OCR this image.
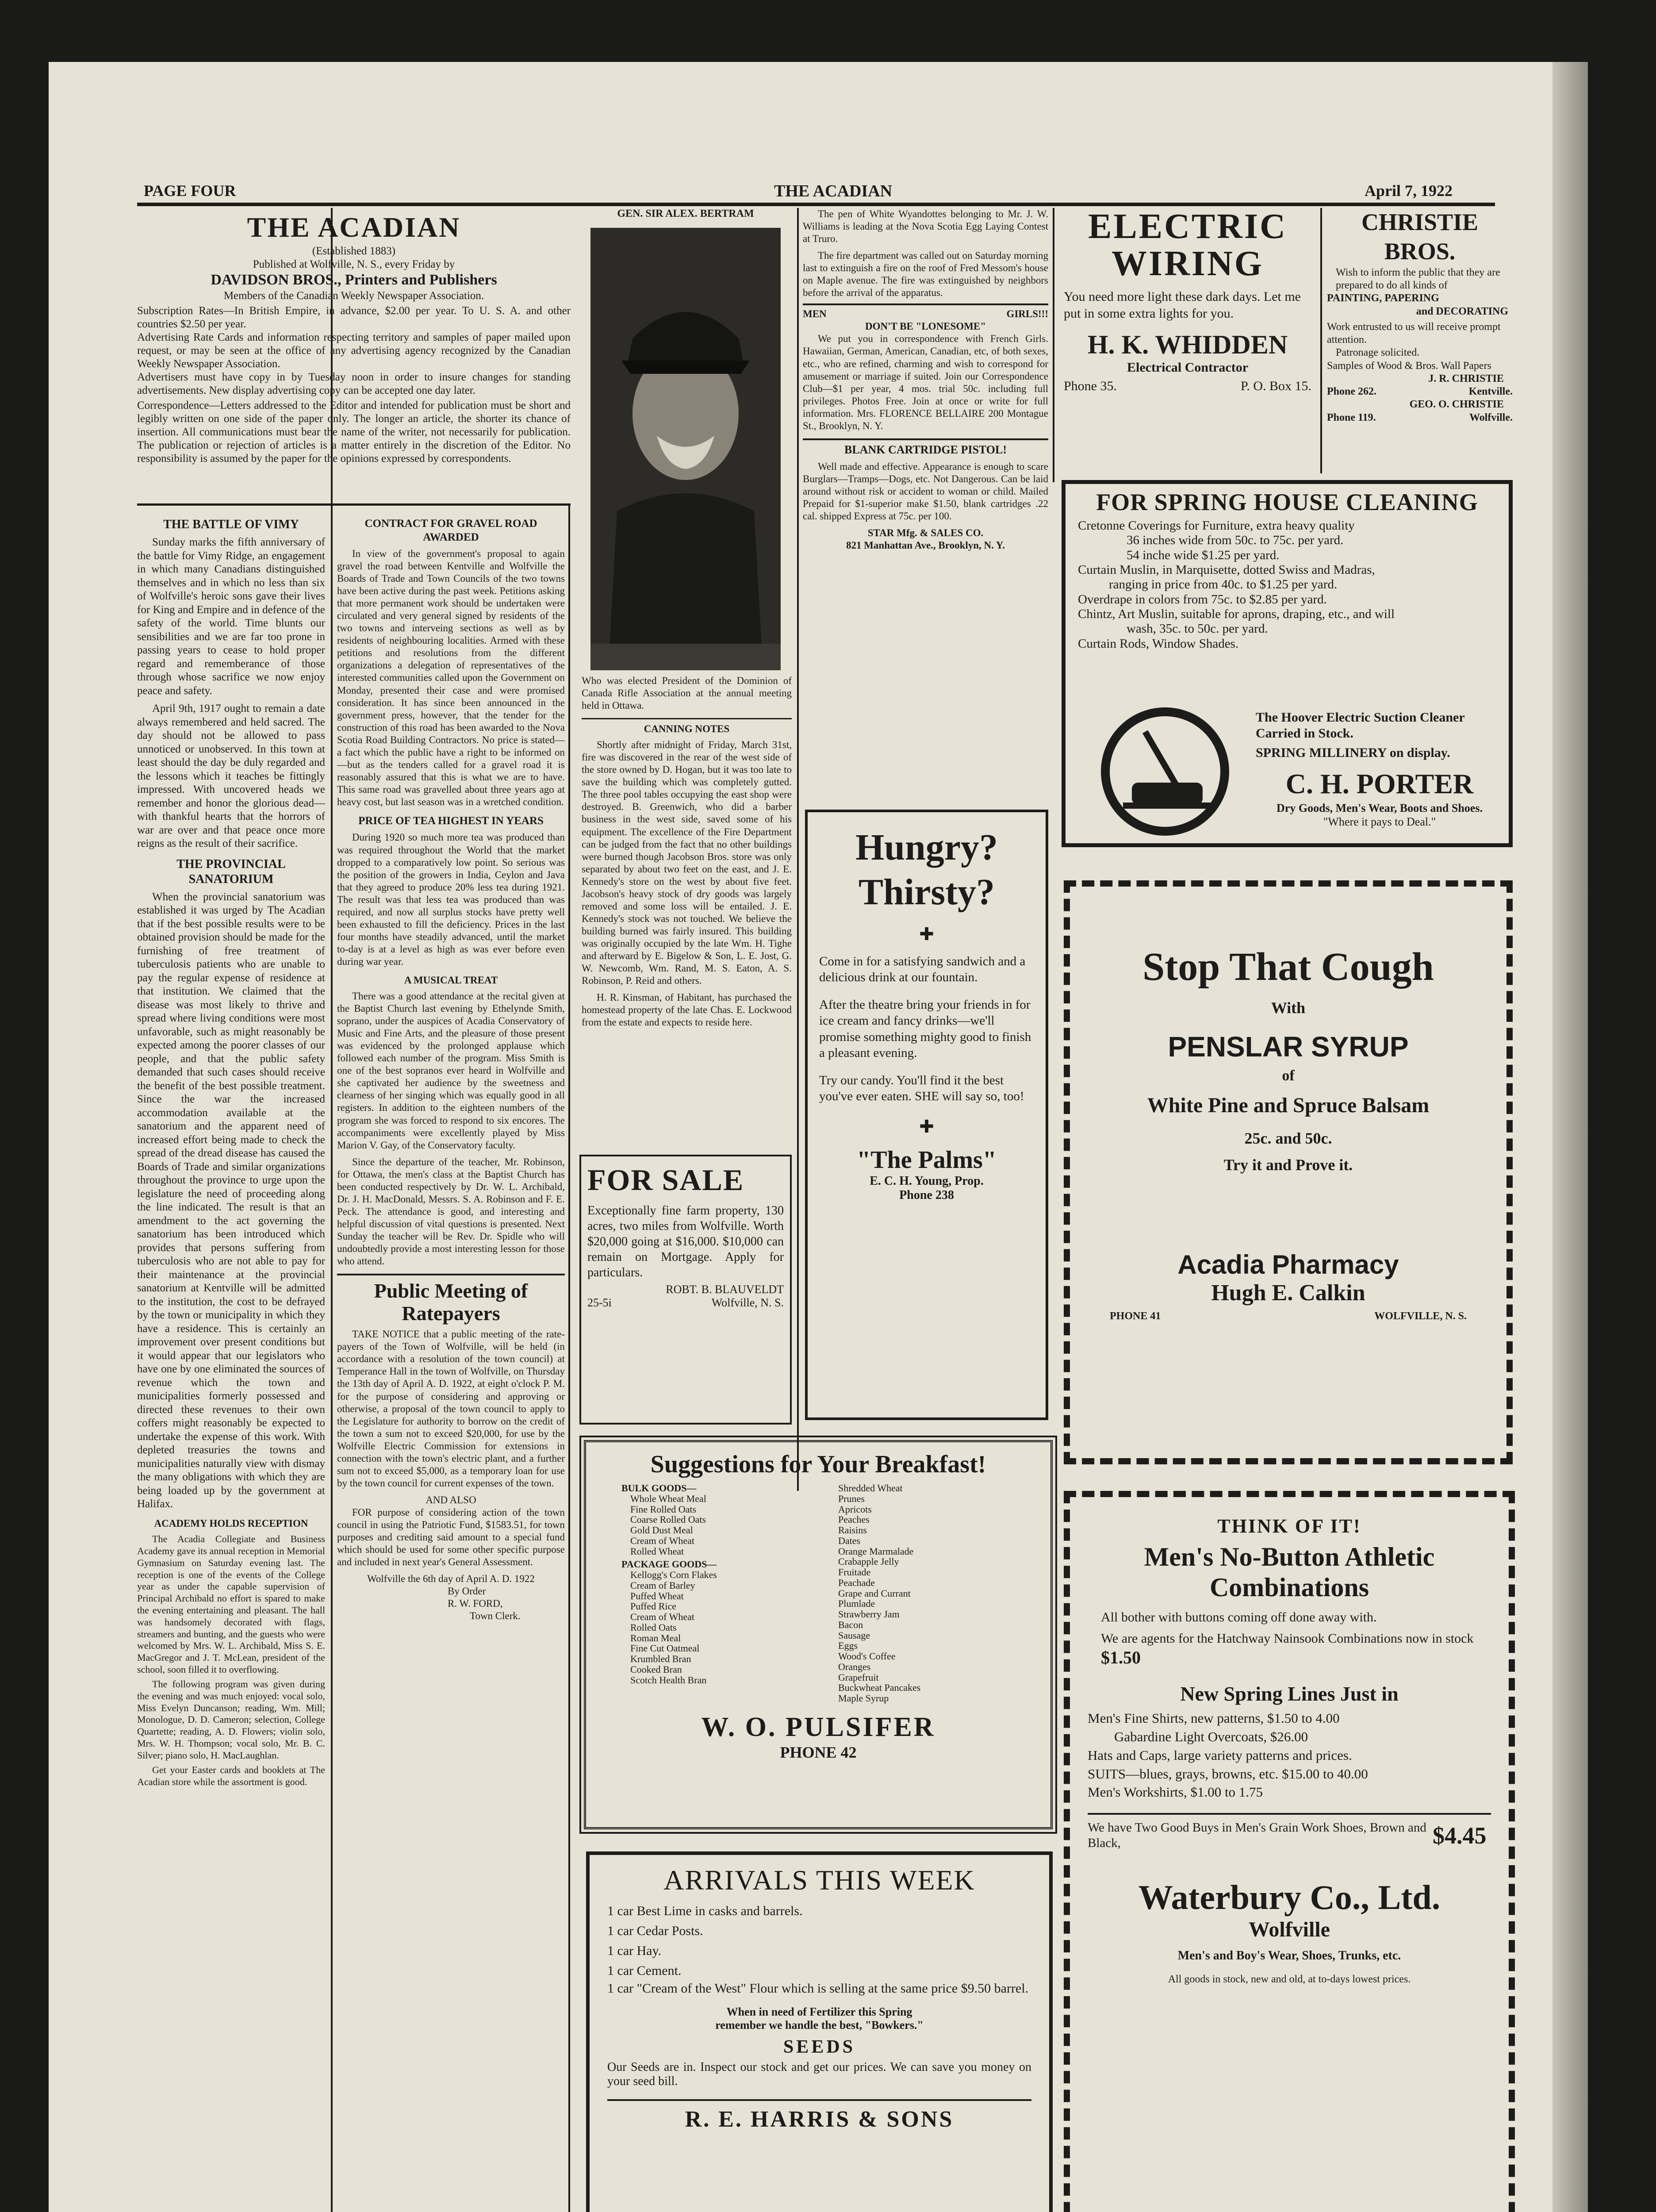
PAGE FOUR	THE ACADIAN	April 7, 1922
THE ACADIAN
(Established 1883)
Published at Wolfville, N. S., every Friday by
DAVIDSON BROS., Printers and Publishers
Members of the Canadian Weekly Newspaper Association.
Subscription Rates—In British Empire, in advance, $2.00 per year. To U. S. A. and other countries $2.50 per year.
Advertising Rate Cards and information respecting territory and samples of paper mailed upon request, or may be seen at the office of any advertising agency recognized by the Canadian Weekly Newspaper Association.
Advertisers must have copy in by Tuesday noon in order to insure changes for standing advertisements. New display advertising copy can be accepted one day later.
Correspondence—Letters addressed to the Editor and intended for publication must be short and legibly written on one side of the paper only. The longer an article, the shorter its chance of insertion. All communications must bear the name of the writer, not necessarily for publication. The publication or rejection of articles is a matter entirely in the discretion of the Editor. No responsibility is assumed by the paper for the opinions expressed by correspondents.
THE BATTLE OF VIMY

Sunday marks the fifth anniversary of the battle for Vimy Ridge, an engagement in which many Canadians distinguished themselves and in which no less than six of Wolfville's heroic sons gave their lives for King and Empire and in defence of the safety of the world. Time blunts our sensibilities and we are far too prone in passing years to cease to hold proper regard and rememberance of those through whose sacrifice we now enjoy peace and safety.

April 9th, 1917 ought to remain a date always remembered and held sacred. The day should not be allowed to pass unnoticed or unobserved. In this town at least should the day be duly regarded and the lessons which it teaches be fittingly impressed. With uncovered heads we remember and honor the glorious dead—with thankful hearts that the horrors of war are over and that peace once more reigns as the result of their sacrifice.

THE PROVINCIAL SANATORIUM

When the provincial sanatorium was established it was urged by The Acadian that if the best possible results were to be obtained provision should be made for the furnishing of free treatment of tuberculosis patients who are unable to pay the regular expense of residence at that institution. We claimed that the disease was most likely to thrive and spread where living conditions were most unfavorable, such as might reasonably be expected among the poorer classes of our people, and that the public safety demanded that such cases should receive the benefit of the best possible treatment. Since the war the increased accommodation available at the sanatorium and the apparent need of increased effort being made to check the spread of the dread disease has caused the Boards of Trade and similar organizations throughout the province to urge upon the legislature the need of proceeding along the line indicated. The result is that an amendment to the act governing the sanatorium has been introduced which provides that persons suffering from tuberculosis who are not able to pay for their maintenance at the provincial sanatorium at Kentville will be admitted to the institution, the cost to be defrayed by the town or municipality in which they have a residence. This is certainly an improvement over present conditions but it would appear that our legislators who have one by one eliminated the sources of revenue which the town and municipalities formerly possessed and directed these revenues to their own coffers might reasonably be expected to undertake the expense of this work. With depleted treasuries the towns and municipalities naturally view with dismay the many obligations with which they are being loaded up by the government at Halifax.

ACADEMY HOLDS RECEPTION

The Acadia Collegiate and Business Academy gave its annual reception in Memorial Gymnasium on Saturday evening last. The reception is one of the events of the College year as under the capable supervision of Principal Archibald no effort is spared to make the evening entertaining and pleasant. The hall was handsomely decorated with flags, streamers and bunting, and the guests who were welcomed by Mrs. W. L. Archibald, Miss S. E. MacGregor and J. T. McLean, president of the school, soon filled it to overflowing.

The following program was given during the evening and was much enjoyed: vocal solo, Miss Evelyn Duncanson; reading, Wm. Mill; Monologue, D. D. Cameron; selection, College Quartette; reading, A. D. Flowers; violin solo, Mrs. W. H. Thompson; vocal solo, Mr. B. C. Silver; piano solo, H. MacLaughlan.

Get your Easter cards and booklets at The Acadian store while the assortment is good.

CONTRACT FOR GRAVEL ROAD AWARDED

In view of the government's proposal to again gravel the road between Kentville and Wolfville the Boards of Trade and Town Councils of the two towns have been active during the past week. Petitions asking that more permanent work should be undertaken were circulated and very general signed by residents of the two towns and interveing sections as well as by residents of neighbouring localities. Armed with these petitions and resolutions from the different organizations a delegation of representatives of the interested communities called upon the Government on Monday, presented their case and were promised consideration. It has since been announced in the government press, however, that the tender for the construction of this road has been awarded to the Nova Scotia Road Building Contractors. No price is stated—a fact which the public have a right to be informed on—but as the tenders called for a gravel road it is reasonably assured that this is what we are to have. This same road was gravelled about three years ago at heavy cost, but last season was in a wretched condition.

PRICE OF TEA HIGHEST IN YEARS

During 1920 so much more tea was produced than was required throughout the World that the market dropped to a comparatively low point. So serious was the position of the growers in India, Ceylon and Java that they agreed to produce 20% less tea during 1921. The result was that less tea was produced than was required, and now all surplus stocks have pretty well been exhausted to fill the deficiency. Prices in the last four months have steadily advanced, until the market to-day is at a level as high as was ever before even during war year.

A MUSICAL TREAT

There was a good attendance at the recital given at the Baptist Church last evening by Ethelynde Smith, soprano, under the auspices of Acadia Conservatory of Music and Fine Arts, and the pleasure of those present was evidenced by the prolonged applause which followed each number of the program. Miss Smith is one of the best sopranos ever heard in Wolfville and she captivated her audience by the sweetness and clearness of her singing which was equally good in all registers. In addition to the eighteen numbers of the program she was forced to respond to six encores. The accompaniments were excellently played by Miss Marion V. Gay, of the Conservatory faculty.

Since the departure of the teacher, Mr. Robinson, for Ottawa, the men's class at the Baptist Church has been conducted respectively by Dr. W. L. Archibald, Dr. J. H. MacDonald, Messrs. S. A. Robinson and F. E. Peck. The attendance is good, and interesting and helpful discussion of vital questions is presented. Next Sunday the teacher will be Rev. Dr. Spidle who will undoubtedly provide a most interesting lesson for those who attend.

Public Meeting of Ratepayers

TAKE NOTICE that a public meeting of the rate-payers of the Town of Wolfville, will be held (in accordance with a resolution of the town council) at Temperance Hall in the town of Wolfville, on Thursday the 13th day of April A. D. 1922, at eight o'clock P. M. for the purpose of considering and approving or otherwise, a proposal of the town council to apply to the Legislature for authority to borrow on the credit of the town a sum not to exceed $20,000, for use by the Wolfville Electric Commission for extensions in connection with the town's electric plant, and a further sum not to exceed $5,000, as a temporary loan for use by the town council for current expenses of the town.

AND ALSO

FOR purpose of considering action of the town council in using the Patriotic Fund, $1583.51, for town purposes and crediting said amount to a special fund which should be used for some other specific purpose and included in next year's General Assessment.

Wolfville the 6th day of April A. D. 1922
By Order
R. W. FORD,
Town Clerk.
GEN. SIR ALEX. BERTRAM

Who was elected President of the Dominion of Canada Rifle Association at the annual meeting held in Ottawa.

CANNING NOTES

Shortly after midnight of Friday, March 31st, fire was discovered in the rear of the west side of the store owned by D. Hogan, but it was too late to save the building which was completely gutted. The three pool tables occupying the east shop were destroyed. B. Greenwich, who did a barber business in the west side, saved some of his equipment. The excellence of the Fire Department can be judged from the fact that no other buildings were burned though Jacobson Bros. store was only separated by about two feet on the east, and J. E. Kennedy's store on the west by about five feet. Jacobson's heavy stock of dry goods was largely removed and some loss will be entailed. J. E. Kennedy's stock was not touched. We believe the building burned was fairly insured. This building was originally occupied by the late Wm. H. Tighe and afterward by E. Bigelow & Son, L. E. Jost, G. W. Newcomb, Wm. Rand, M. S. Eaton, A. S. Robinson, P. Reid and others.

H. R. Kinsman, of Habitant, has purchased the homestead property of the late Chas. E. Lockwood from the estate and expects to reside here.

The pen of White Wyandottes belonging to Mr. J. W. Williams is leading at the Nova Scotia Egg Laying Contest at Truro.

The fire department was called out on Saturday morning last to extinguish a fire on the roof of Fred Messom's house on Maple avenue. The fire was extinguished by neighbors before the arrival of the apparatus.

MEN	GIRLS!!!
DON'T BE "LONESOME"

We put you in correspondence with French Girls. Hawaiian, German, American, Canadian, etc, of both sexes, etc., who are refined, charming and wish to correspond for amusement or marriage if suited. Join our Correspondence Club—$1 per year, 4 mos. trial 50c. including full privileges. Photos Free. Join at once or write for full information. Mrs. FLORENCE BELLAIRE 200 Montague St., Brooklyn, N. Y.

BLANK CARTRIDGE PISTOL!

Well made and effective. Appearance is enough to scare Burglars—Tramps—Dogs, etc. Not Dangerous. Can be laid around without risk or accident to woman or child. Mailed Prepaid for $1-superior make $1.50, blank cartridges .22 cal. shipped Express at 75c. per 100.

STAR Mfg. & SALES CO.
821 Manhattan Ave., Brooklyn, N. Y.
FOR SALE
Exceptionally fine farm property, 130 acres, two miles from Wolfville. Worth $20,000 going at $16,000. $10,000 can remain on Mortgage. Apply for particulars.
ROBT. B. BLAUVELDT
25-5i	Wolfville, N. S.
Hungry?
Thirsty?
✚
Come in for a satisfying sandwich and a delicious drink at our fountain.
After the theatre bring your friends in for ice cream and fancy drinks—we'll promise something mighty good to finish a pleasant evening.
Try our candy. You'll find it the best you've ever eaten. SHE will say so, too!
✚
"The Palms"
E. C. H. Young, Prop.
Phone 238
Suggestions for Your Breakfast!
BULK GOODS—
Whole Wheat Meal
Fine Rolled Oats
Coarse Rolled Oats
Gold Dust Meal
Cream of Wheat
Rolled Wheat
PACKAGE GOODS—
Kellogg's Corn Flakes
Cream of Barley
Puffed Wheat
Puffed Rice
Cream of Wheat
Rolled Oats
Roman Meal
Fine Cut Oatmeal
Krumbled Bran
Cooked Bran
Scotch Health Bran
Shredded Wheat
Prunes
Apricots
Peaches
Raisins
Dates
Orange Marmalade
Crabapple Jelly
Fruitade
Peachade
Grape and Currant
Plumlade
Strawberry Jam
Bacon
Sausage
Eggs
Wood's Coffee
Oranges
Grapefruit
Buckwheat Pancakes
Maple Syrup
W. O. PULSIFER
PHONE 42
ARRIVALS THIS WEEK
1 car Best Lime in casks and barrels.
1 car Cedar Posts.
1 car Hay.
1 car Cement.
1 car "Cream of the West" Flour which is selling at the same price $9.50 barrel.
When in need of Fertilizer this Spring
remember we handle the best, "Bowkers."
SEEDS
Our Seeds are in. Inspect our stock and get our prices. We can save you money on your seed bill.
R. E. HARRIS & SONS
ELECTRIC
WIRING
You need more light these dark days. Let me put in some extra lights for you.
H. K. WHIDDEN
Electrical Contractor
Phone 35.	P. O. Box 15.
CHRISTIE BROS.
Wish to inform the public that they are prepared to do all kinds of
PAINTING, PAPERING
and DECORATING
Work entrusted to us will receive prompt attention.
Patronage solicited.
Samples of Wood & Bros. Wall Papers
J. R. CHRISTIE
Phone 262.	Kentville.
GEO. O. CHRISTIE
Phone 119.	Wolfville.
FOR SPRING HOUSE CLEANING
Cretonne Coverings for Furniture, extra heavy quality
36 inches wide from 50c. to 75c. per yard.
54 inche wide $1.25 per yard.
Curtain Muslin, in Marquisette, dotted Swiss and Madras,
ranging in price from 40c. to $1.25 per yard.
Overdrape in colors from 75c. to $2.85 per yard.
Chintz, Art Muslin, suitable for aprons, draping, etc., and will
wash, 35c. to 50c. per yard.
Curtain Rods, Window Shades.
The Hoover Electric Suction Cleaner Carried in Stock.
SPRING MILLINERY on display.
C. H. PORTER
Dry Goods, Men's Wear, Boots and Shoes.
"Where it pays to Deal."
Stop That Cough
With
PENSLAR SYRUP
of
White Pine and Spruce Balsam
25c. and 50c.
Try it and Prove it.
Acadia Pharmacy
Hugh E. Calkin
PHONE 41	WOLFVILLE, N. S.
THINK OF IT!
Men's No-Button Athletic
Combinations
All bother with buttons coming off done away with.
We are agents for the Hatchway Nainsook Combinations now in stock $1.50
New Spring Lines Just in
Men's Fine Shirts, new patterns, $1.50 to 4.00
Gabardine Light Overcoats, $26.00
Hats and Caps, large variety patterns and prices.
SUITS—blues, grays, browns, etc. $15.00 to 40.00
Men's Workshirts, $1.00 to 1.75
We have Two Good Buys in Men's Grain Work Shoes, Brown and Black,	$4.45
Waterbury Co., Ltd.
Wolfville
Men's and Boy's Wear, Shoes, Trunks, etc.
All goods in stock, new and old, at to-days lowest prices.
